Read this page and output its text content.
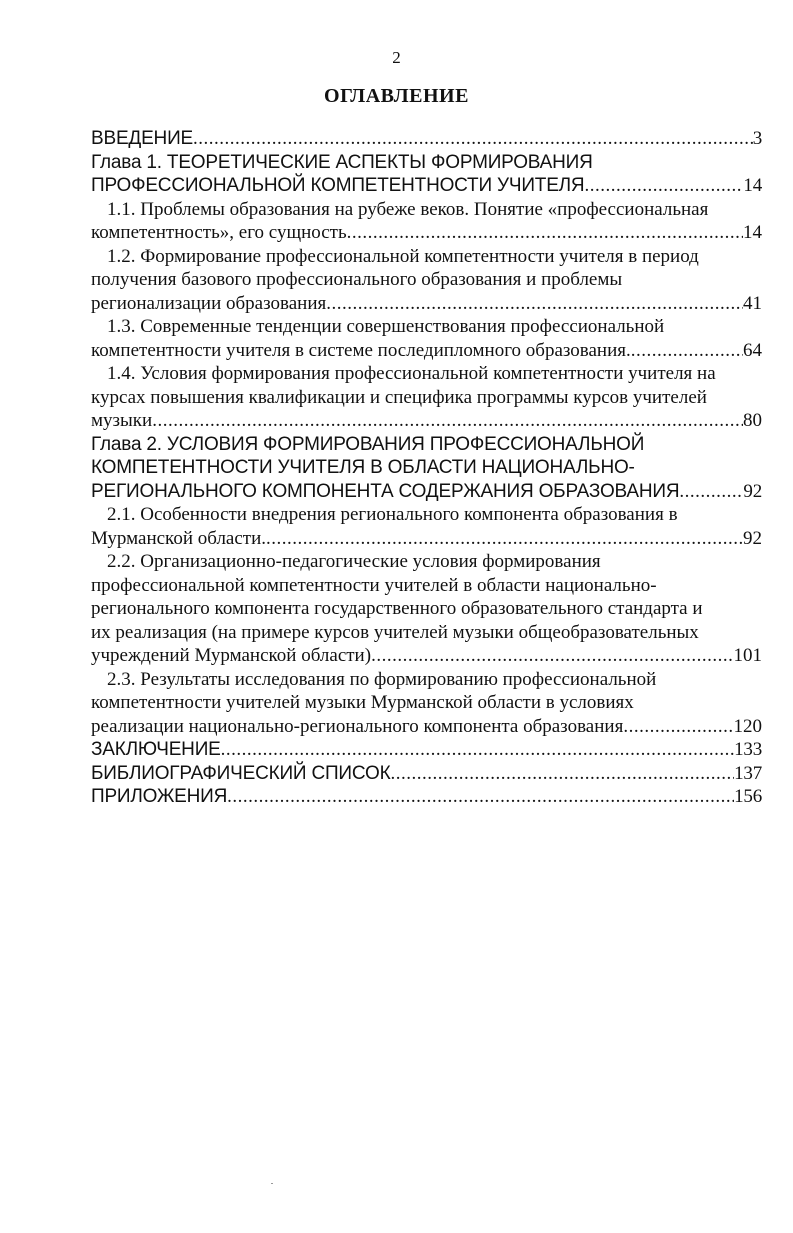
2
ОГЛАВЛЕНИЕ
ВВЕДЕНИЕ .....	3
Глава 1. ТЕОРЕТИЧЕСКИЕ АСПЕКТЫ ФОРМИРОВАНИЯ
ПРОФЕССИОНАЛЬНОЙ КОМПЕТЕНТНОСТИ УЧИТЕЛЯ .....	14
1.1. Проблемы образования на рубеже веков. Понятие «профессиональная
компетентность», его сущность .....	14
1.2. Формирование профессиональной компетентности учителя в период
получения базового профессионального образования и проблемы
регионализации образования .....	41
1.3. Современные тенденции совершенствования профессиональной
компетентности учителя в системе последипломного образования. .....	64
1.4. Условия формирования профессиональной компетентности учителя на
курсах повышения квалификации и специфика программы курсов учителей
музыки .....	80
Глава 2. УСЛОВИЯ ФОРМИРОВАНИЯ ПРОФЕССИОНАЛЬНОЙ
КОМПЕТЕНТНОСТИ УЧИТЕЛЯ В ОБЛАСТИ НАЦИОНАЛЬНО-
РЕГИОНАЛЬНОГО КОМПОНЕНТА СОДЕРЖАНИЯ ОБРАЗОВАНИЯ .....	92
2.1. Особенности внедрения регионального компонента образования в
Мурманской области. .....	92
2.2. Организационно-педагогические условия формирования
профессиональной компетентности учителей в области национально-
регионального компонента государственного образовательного стандарта и
их реализация (на примере курсов учителей музыки общеобразовательных
учреждений Мурманской области) .....	101
2.3. Результаты исследования по формированию профессиональной
компетентности учителей музыки Мурманской области в условиях
реализации национально-регионального компонента образования .....	120
ЗАКЛЮЧЕНИЕ .....	133
БИБЛИОГРАФИЧЕСКИЙ СПИСОК .....	137
ПРИЛОЖЕНИЯ .....	156
